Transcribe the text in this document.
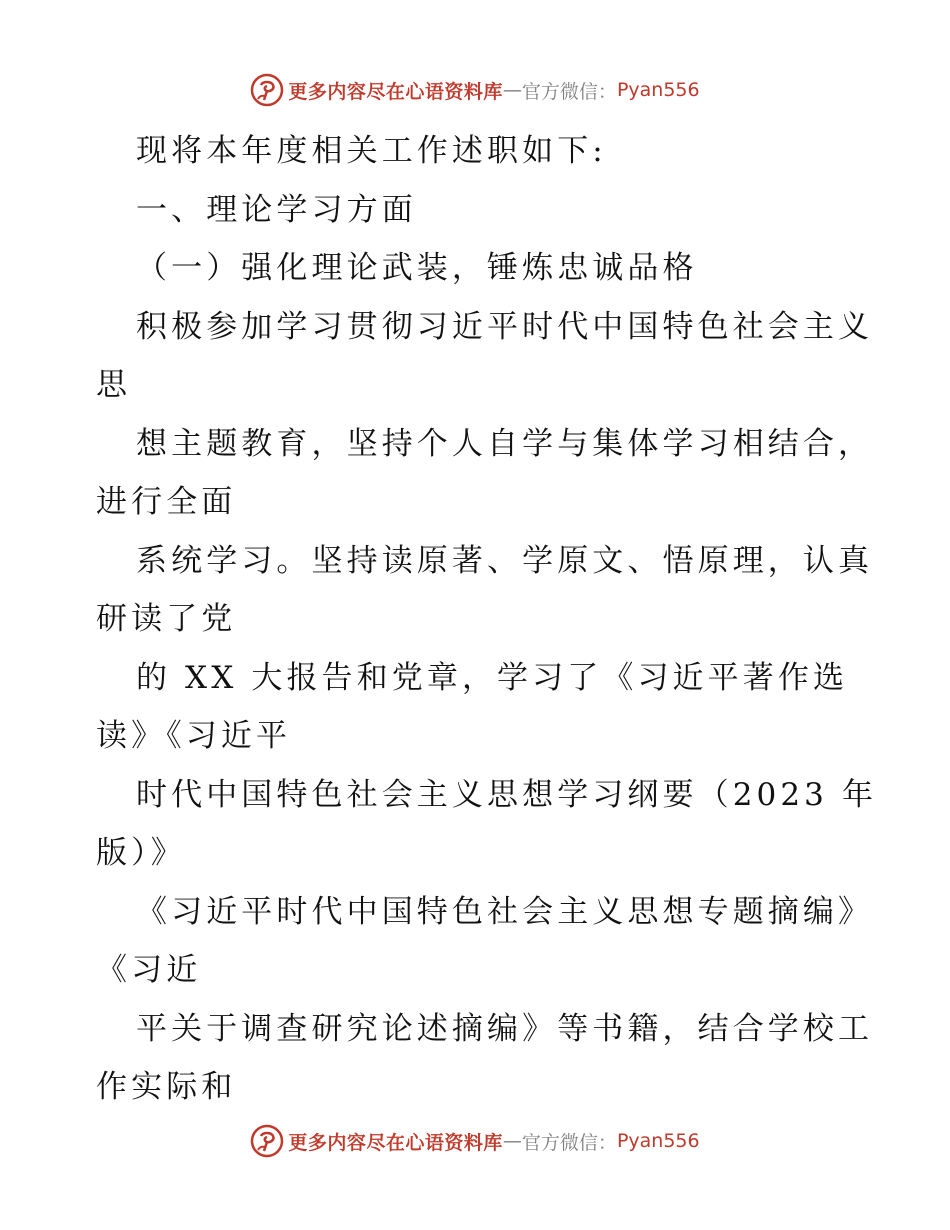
更多内容尽在心语资料库 — 官方微信： Pyan556
现将本年度相关工作述职如下:
一、理论学习方面
（一）强化理论武装，锤炼忠诚品格
积极参加学习贯彻习近平时代中国特色社会主义
思
想主题教育，坚持个人自学与集体学习相结合，
进行全面
系统学习。坚持读原著、学原文、悟原理，认真
研读了党
的 XX 大报告和党章，学习了《习近平著作选
读》《习近平
时代中国特色社会主义思想学习纲要（2023 年
版）》
《习近平时代中国特色社会主义思想专题摘编》
《习近
平关于调查研究论述摘编》等书籍，结合学校工
作实际和
更多内容尽在心语资料库 — 官方微信： Pyan556
